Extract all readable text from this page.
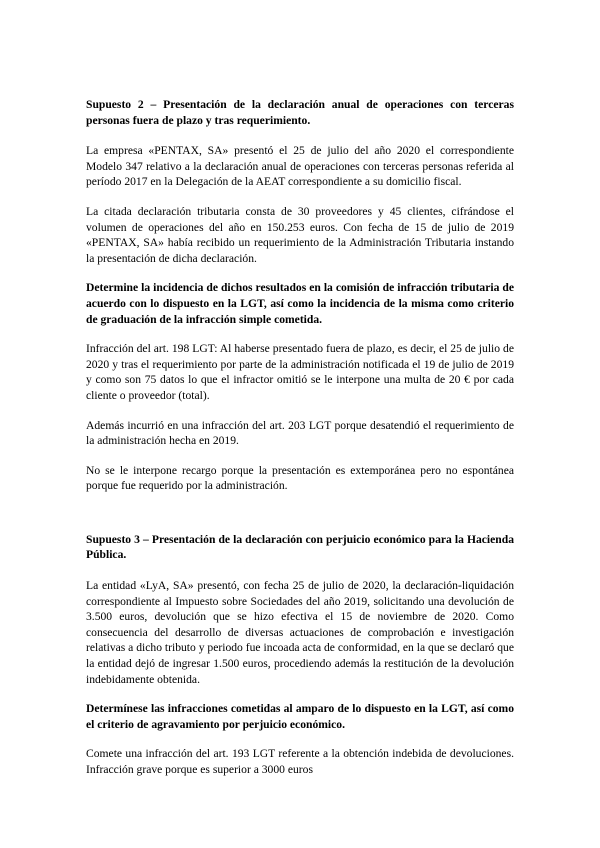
Supuesto 2 – Presentación de la declaración anual de operaciones con terceras personas fuera de plazo y tras requerimiento.

La empresa «PENTAX, SA» presentó el 25 de julio del año 2020 el correspondiente Modelo 347 relativo a la declaración anual de operaciones con terceras personas referida al período 2017 en la Delegación de la AEAT correspondiente a su domicilio fiscal.

La citada declaración tributaria consta de 30 proveedores y 45 clientes, cifrándose el volumen de operaciones del año en 150.253 euros. Con fecha de 15 de julio de 2019 «PENTAX, SA» había recibido un requerimiento de la Administración Tributaria instando la presentación de dicha declaración.

Determine la incidencia de dichos resultados en la comisión de infracción tributaria de acuerdo con lo dispuesto en la LGT, así como la incidencia de la misma como criterio de graduación de la infracción simple cometida.

Infracción del art. 198 LGT: Al haberse presentado fuera de plazo, es decir, el 25 de julio de 2020 y tras el requerimiento por parte de la administración notificada el 19 de julio de 2019 y como son 75 datos lo que el infractor omitió se le interpone una multa de 20 € por cada cliente o proveedor (total).

Además incurrió en una infracción del art. 203 LGT porque desatendió el requerimiento de la administración hecha en 2019.

No se le interpone recargo porque la presentación es extemporánea pero no espontánea porque fue requerido por la administración.

Supuesto 3 – Presentación de la declaración con perjuicio económico para la Hacienda Pública.

La entidad «LyA, SA» presentó, con fecha 25 de julio de 2020, la declaración-liquidación correspondiente al Impuesto sobre Sociedades del año 2019, solicitando una devolución de 3.500 euros, devolución que se hizo efectiva el 15 de noviembre de 2020. Como consecuencia del desarrollo de diversas actuaciones de comprobación e investigación relativas a dicho tributo y periodo fue incoada acta de conformidad, en la que se declaró que la entidad dejó de ingresar 1.500 euros, procediendo además la restitución de la devolución indebidamente obtenida.

Determínese las infracciones cometidas al amparo de lo dispuesto en la LGT, así como el criterio de agravamiento por perjuicio económico.

Comete una infracción del art. 193 LGT referente a la obtención indebida de devoluciones. Infracción grave porque es superior a 3000 euros
